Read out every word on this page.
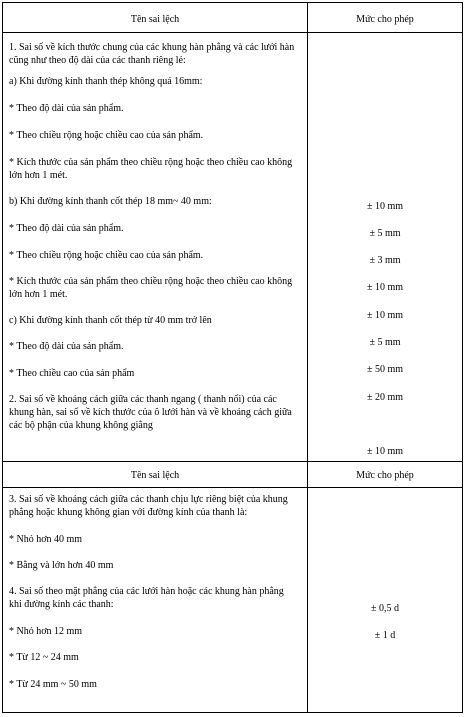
Tên sai lệch	Mức cho phép
1. Sai số về kích thước chung của các khung hàn phẳng và các lưới hàn cũng như theo độ dài của các thanh riêng lẻ:
a) Khi đường kính thanh thép không quá 16mm:
* Theo độ dài của sản phẩm.
* Theo chiều rộng hoặc chiều cao của sản phẩm.
* Kích thước của sản phẩm theo chiều rộng hoặc theo chiều cao không lớn hơn 1 mét.
b) Khi đường kính thanh cốt thép 18 mm~ 40 mm:
* Theo độ dài của sản phẩm.
* Theo chiều rộng hoặc chiều cao của sản phẩm.
* Kích thước của sản phẩm theo chiều rộng hoặc theo chiều cao không lớn hơn 1 mét.
c) Khi đường kính thanh cốt thép từ 40 mm trở lên
* Theo độ dài của sản phẩm.
* Theo chiều cao của sản phẩm
2. Sai số về khoảng cách giữa các thanh ngang ( thanh nối) của các khung hàn, sai số về kích thước của ô lưới hàn và về khoảng cách giữa các bộ phận của khung không giằng
± 10 mm
± 5 mm
± 3 mm
± 10 mm
± 10 mm
± 5 mm
± 50 mm
± 20 mm
± 10 mm
Tên sai lệch	Mức cho phép
3. Sai số về khoảng cách giữa các thanh chịu lực riêng biệt của khung phẳng hoặc khung không gian với đường kính của thanh là:
* Nhỏ hơn 40 mm
* Bằng và lớn hơn 40 mm
4. Sai số theo mặt phẳng của các lưới hàn hoặc các khung hàn phẳng khi đường kính các thanh:
* Nhỏ hơn 12 mm
* Từ 12 ~ 24 mm
* Từ 24 mm ~ 50 mm
± 0,5 d
± 1 d
